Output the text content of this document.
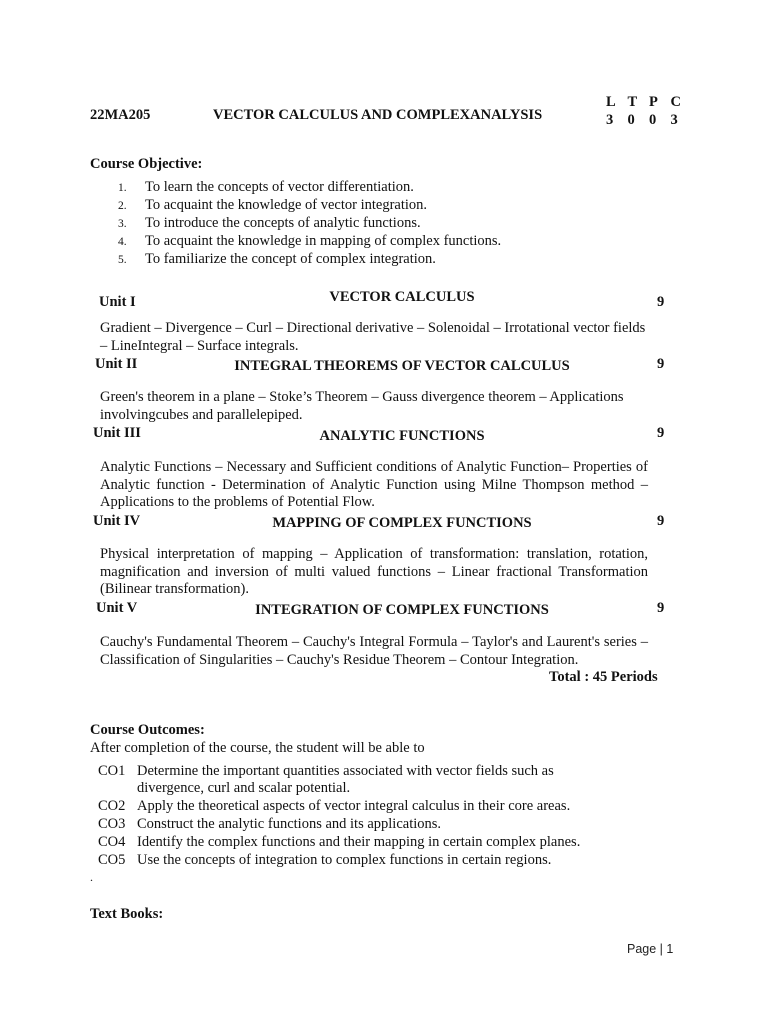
22MA205	VECTOR CALCULUS AND COMPLEXANALYSIS
L T P C
3 0 0 3
Course Objective:
1. To learn the concepts of vector differentiation.
2. To acquaint the knowledge of vector integration.
3. To introduce the concepts of analytic functions.
4. To acquaint the knowledge in mapping of complex functions.
5. To familiarize the concept of complex integration.
Unit I	VECTOR CALCULUS	9
Gradient – Divergence – Curl – Directional derivative – Solenoidal – Irrotational vector fields – LineIntegral – Surface integrals.
Unit II	INTEGRAL THEOREMS OF VECTOR CALCULUS	9
Green's theorem in a plane – Stoke’s Theorem – Gauss divergence theorem – Applications involvingcubes and parallelepiped.
Unit III	ANALYTIC FUNCTIONS	9
Analytic Functions – Necessary and Sufficient conditions of Analytic Function– Properties of Analytic function - Determination of Analytic Function using Milne Thompson method – Applications to the problems of Potential Flow.
Unit IV	MAPPING OF COMPLEX FUNCTIONS	9
Physical interpretation of mapping – Application of transformation: translation, rotation, magnification and inversion of multi valued functions – Linear fractional Transformation (Bilinear transformation).
Unit V	INTEGRATION OF COMPLEX FUNCTIONS	9
Cauchy's Fundamental Theorem – Cauchy's Integral Formula – Taylor's and Laurent's series – Classification of Singularities – Cauchy's Residue Theorem – Contour Integration.
Total : 45 Periods
Course Outcomes:
After completion of the course, the student will be able to
CO1 Determine the important quantities associated with vector fields such as
divergence, curl and scalar potential.
CO2 Apply the theoretical aspects of vector integral calculus in their core areas.
CO3 Construct the analytic functions and its applications.
CO4 Identify the complex functions and their mapping in certain complex planes.
CO5 Use the concepts of integration to complex functions in certain regions.
.
Text Books:
Page | 1
